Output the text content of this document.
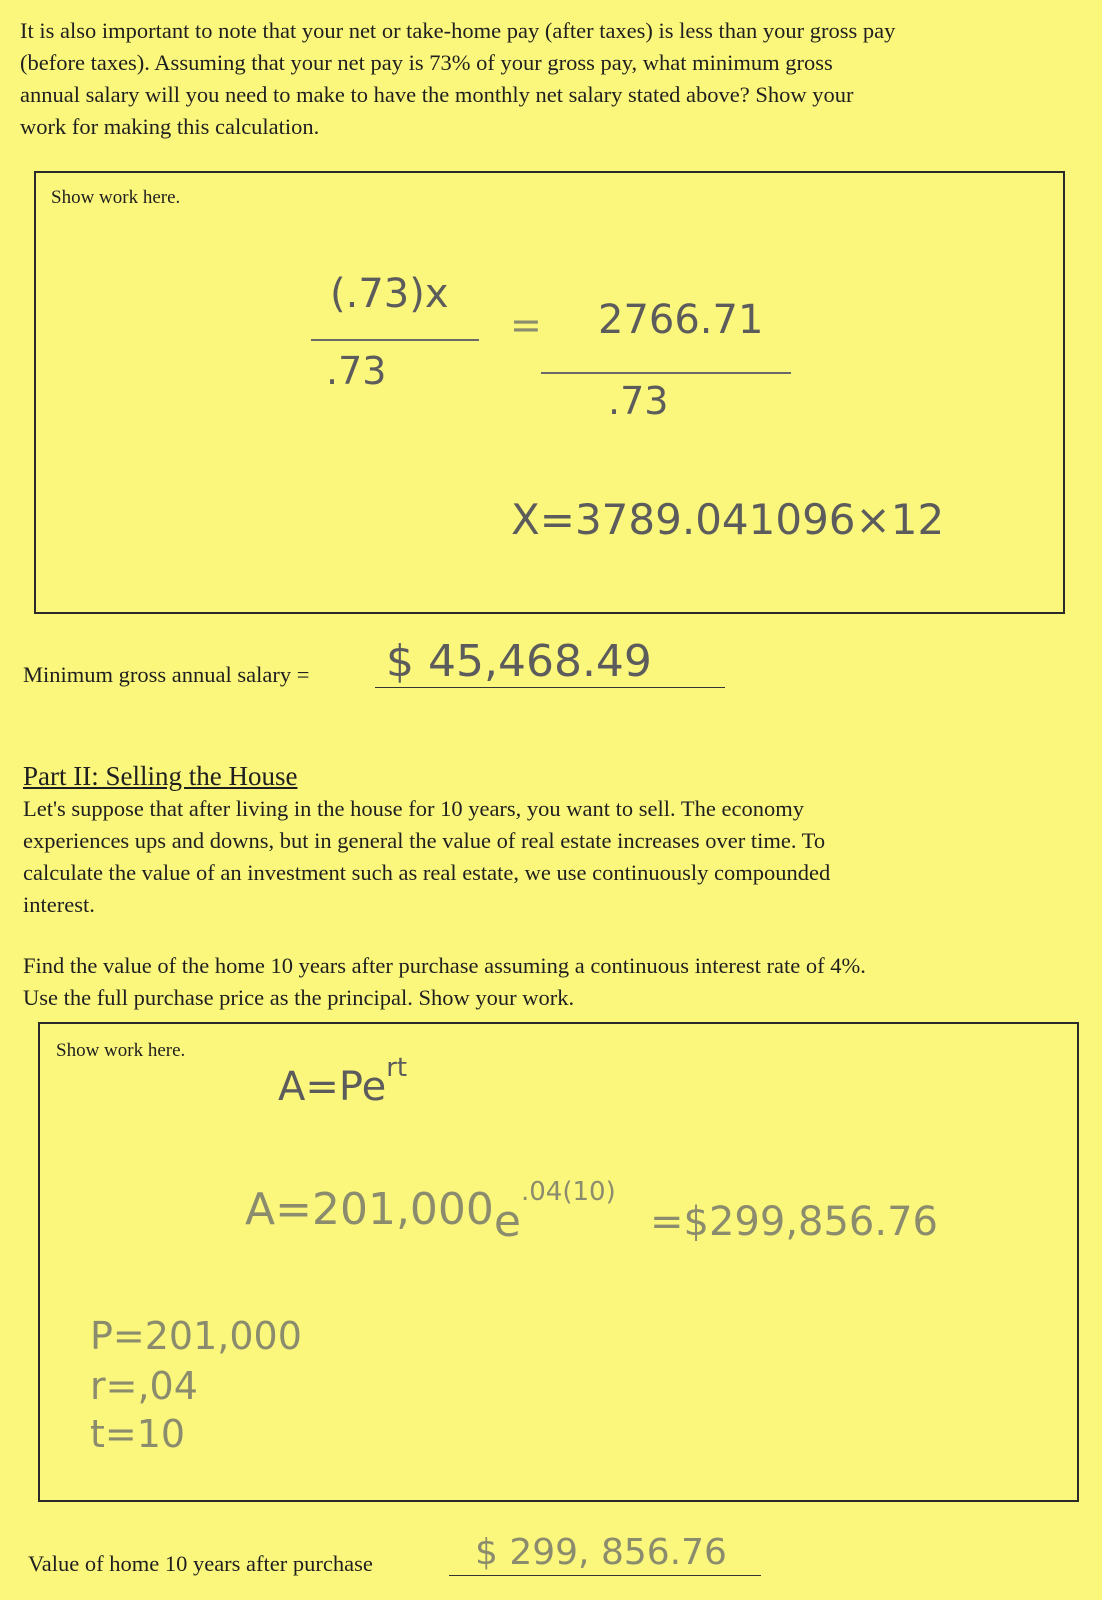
It is also important to note that your net or take-home pay (after taxes) is less than your gross pay
(before taxes). Assuming that your net pay is 73% of your gross pay, what minimum gross
annual salary will you need to make to have the monthly net salary stated above? Show your
work for making this calculation.
Show work here.
(.73)x
.73
= 2766.71
.73
X=3789.041096×12
Minimum gross annual salary = $ 45,468.49
Part II: Selling the House
Let's suppose that after living in the house for 10 years, you want to sell. The economy
experiences ups and downs, but in general the value of real estate increases over time. To
calculate the value of an investment such as real estate, we use continuously compounded
interest.
Find the value of the home 10 years after purchase assuming a continuous interest rate of 4%.
Use the full purchase price as the principal. Show your work.
Show work here.
$A=Pe^{rt}$
$A=201,000e^{.04(10)}$
=$299,856.76
P=201,000
r=,04
t=10
Value of home 10 years after purchase	$ 299, 856.76
